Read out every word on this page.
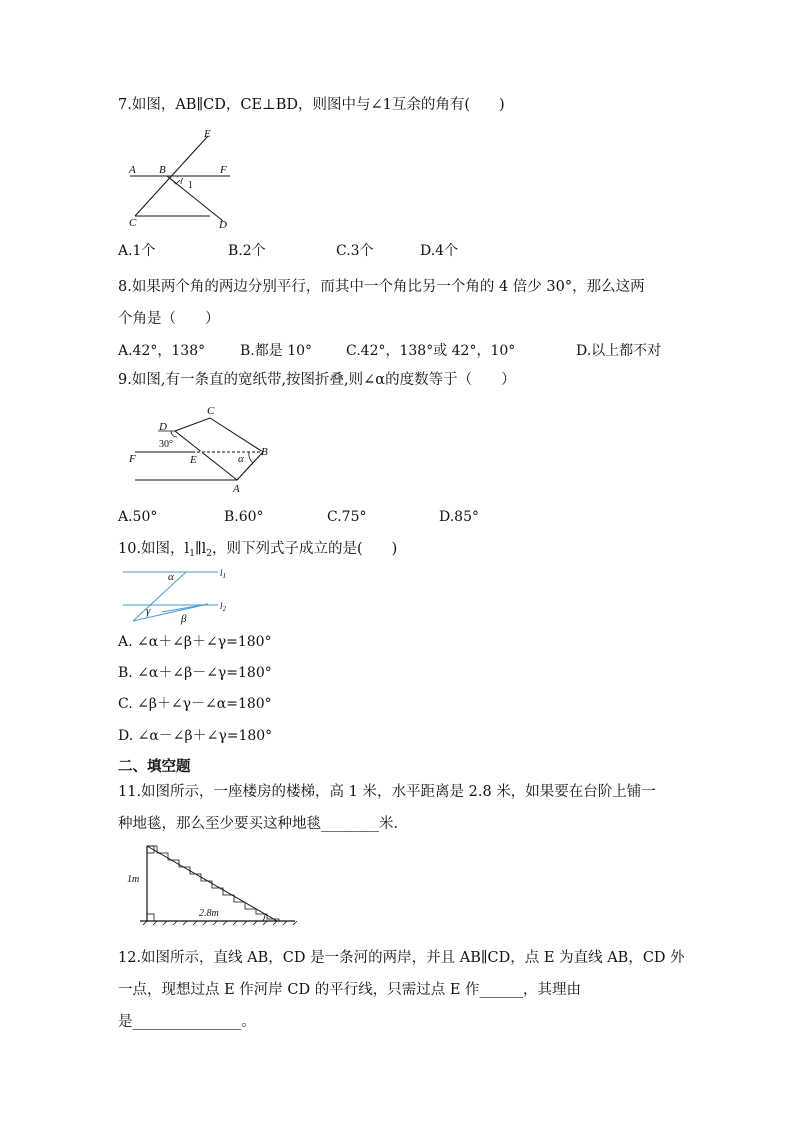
7.如图，AB∥CD，CE⊥BD，则图中与∠1互余的角有(　　)
E
A B	F
1
C	D
A.1个	B.2个	C.3个	D.4个
8.如果两个角的两边分别平行，而其中一个角比另一个角的 4 倍少 30°，那么这两
个角是（　　）
A.42°，138° B.都是 10° C.42°，138°或 42°，10°	D.以上都不对
9.如图,有一条直的宽纸带,按图折叠,则∠α的度数等于（　　）
C
D
30°
F	E	α
B
A
A.50°	B.60°	C.75°	D.85°
10.如图，$l_1\parallel l_2$，则下列式子成立的是(　　)
α
γ
β
$l_1$
$l_2$
A. ∠α＋∠β＋∠γ=180°
B. ∠α＋∠β－∠γ=180°
C. ∠β＋∠γ－∠α=180°
D. ∠α－∠β＋∠γ=180°
二、填空题
11.如图所示，一座楼房的楼梯，高 1 米，水平距离是 2.8 米，如果要在台阶上铺一
种地毯，那么至少要买这种地毯________米.
1m
2.8m
12.如图所示，直线 AB，CD 是一条河的两岸，并且 AB∥CD，点 E 为直线 AB，CD 外
一点，现想过点 E 作河岸 CD 的平行线，只需过点 E 作______，其理由
是_______________。
